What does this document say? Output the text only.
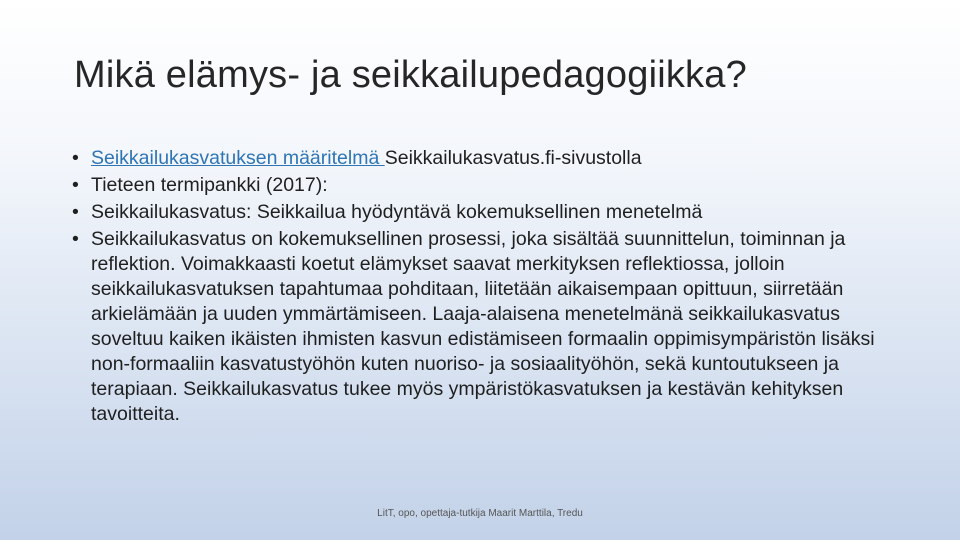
Mikä elämys- ja seikkailupedagogiikka?
• Seikkailukasvatuksen määritelmä Seikkailukasvatus.fi-sivustolla
• Tieteen termipankki (2017):
• Seikkailukasvatus: Seikkailua hyödyntävä kokemuksellinen menetelmä
• Seikkailukasvatus on kokemuksellinen prosessi, joka sisältää suunnittelun, toiminnan ja reflektion. Voimakkaasti koetut elämykset saavat merkityksen reflektiossa, jolloin seikkailukasvatuksen tapahtumaa pohditaan, liitetään aikaisempaan opittuun, siirretään arkielämään ja uuden ymmärtämiseen. Laaja-alaisena menetelmänä seikkailukasvatus soveltuu kaiken ikäisten ihmisten kasvun edistämiseen formaalin oppimisympäristön lisäksi non-formaaliin kasvatustyöhön kuten nuoriso- ja sosiaalityöhön, sekä kuntoutukseen ja terapiaan. Seikkailukasvatus tukee myös ympäristökasvatuksen ja kestävän kehityksen tavoitteita.
LitT, opo, opettaja-tutkija Maarit Marttila, Tredu
